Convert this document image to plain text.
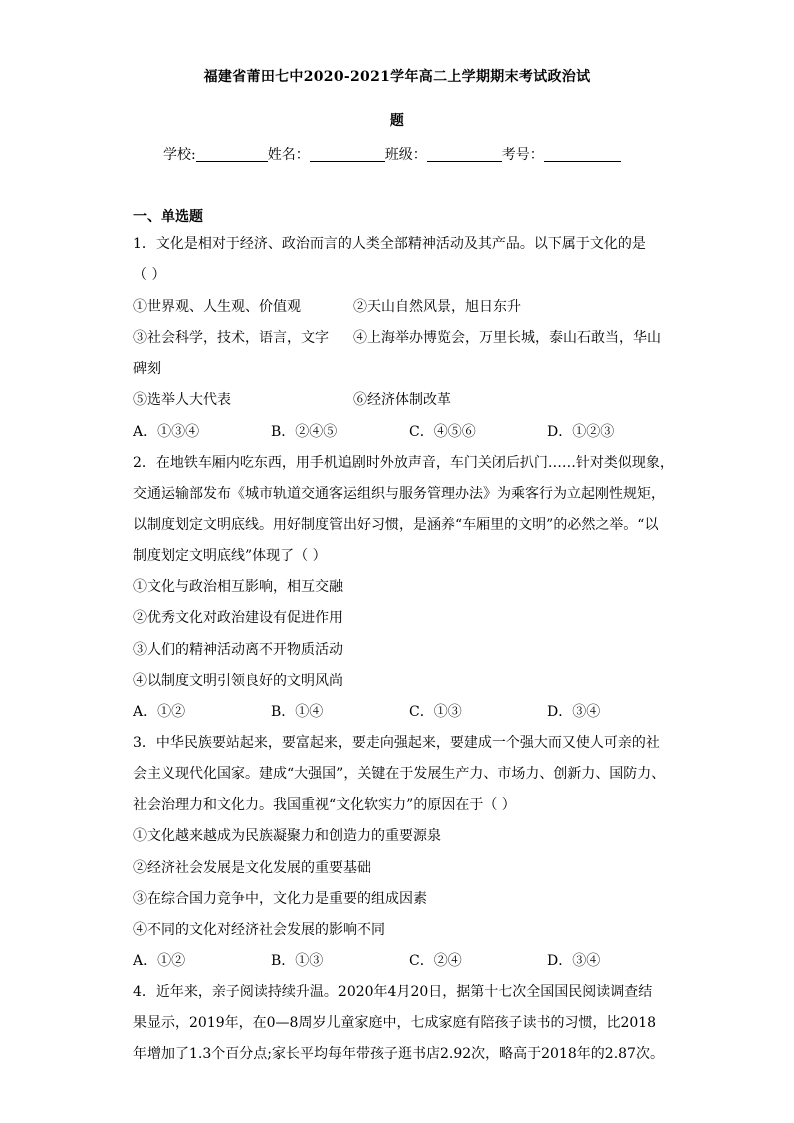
福建省莆田七中2020-2021学年高二上学期期末考试政治试
题
学校:	姓名：	班级：	考号：
一、单选题
1．文化是相对于经济、政治而言的人类全部精神活动及其产品。以下属于文化的是
（ ）
①世界观、人生观、价值观	②天山自然风景，旭日东升
③社会科学，技术，语言，文字 ④上海举办博览会，万里长城，泰山石敢当，华山
碑刻
⑤选举人大代表	⑥经济体制改革
A．①③④	B．②④⑤	C．④⑤⑥	D．①②③
2．在地铁车厢内吃东西，用手机追剧时外放声音，车门关闭后扒门……针对类似现象，
交通运输部发布《城市轨道交通客运组织与服务管理办法》为乘客行为立起刚性规矩，
以制度划定文明底线。用好制度管出好习惯，是涵养“车厢里的文明”的必然之举。“以
制度划定文明底线”体现了（ ）
①文化与政治相互影响，相互交融
②优秀文化对政治建设有促进作用
③人们的精神活动离不开物质活动
④以制度文明引领良好的文明风尚
A．①②	B．①④	C．①③	D．③④
3．中华民族要站起来，要富起来，要走向强起来，要建成一个强大而又使人可亲的社
会主义现代化国家。建成“大强国”，关键在于发展生产力、市场力、创新力、国防力、
社会治理力和文化力。我国重视“文化软实力”的原因在于（ ）
①文化越来越成为民族凝聚力和创造力的重要源泉
②经济社会发展是文化发展的重要基础
③在综合国力竞争中，文化力是重要的组成因素
④不同的文化对经济社会发展的影响不同
A．①②	B．①③	C．②④	D．③④
4．近年来，亲子阅读持续升温。2020年4月20日，据第十七次全国国民阅读调查结
果显示，2019年，在0—8周岁儿童家庭中，七成家庭有陪孩子读书的习惯，比2018
年增加了1.3个百分点;家长平均每年带孩子逛书店2.92次，略高于2018年的2.87次。
